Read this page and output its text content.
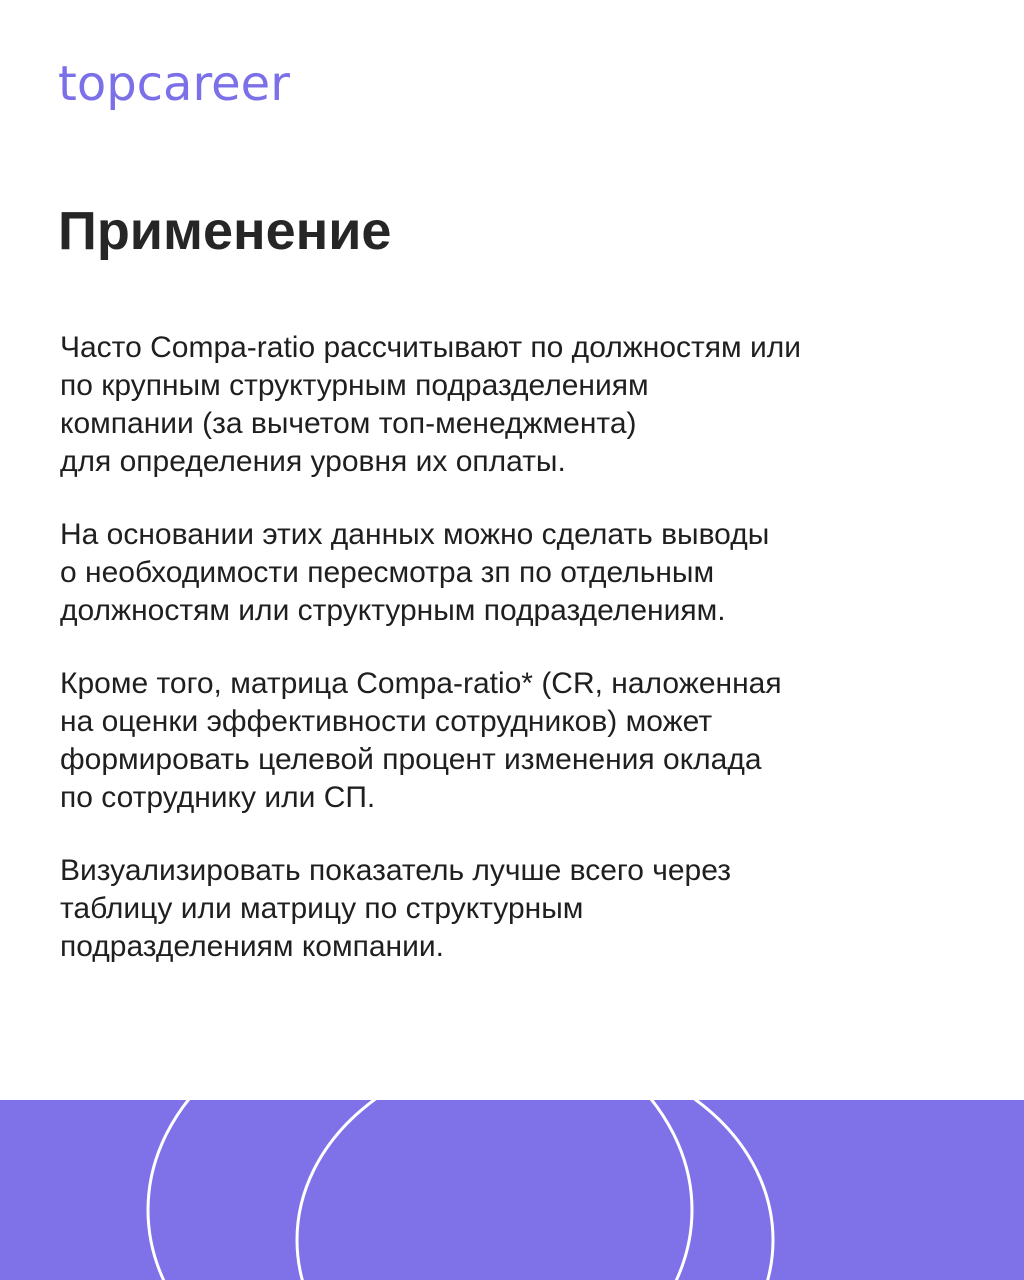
topcareer
Применение

Часто Compa-ratio рассчитывают по должностям или
по крупным структурным подразделениям
компании (за вычетом топ-менеджмента)
для определения уровня их оплаты.

На основании этих данных можно сделать выводы
о необходимости пересмотра зп по отдельным
должностям или структурным подразделениям.

Кроме того, матрица Compa-ratio* (CR, наложенная
на оценки эффективности сотрудников) может
формировать целевой процент изменения оклада
по сотруднику или СП.

Визуализировать показатель лучше всего через
таблицу или матрицу по структурным
подразделениям компании.
